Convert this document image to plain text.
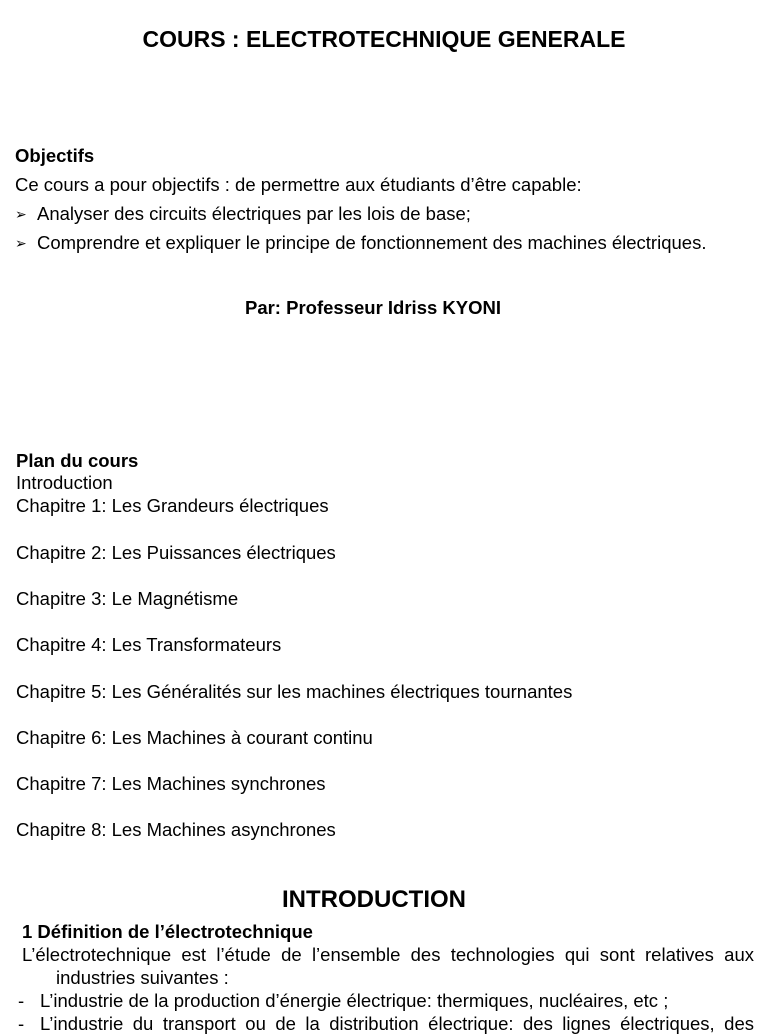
COURS : ELECTROTECHNIQUE GENERALE
Objectifs
Ce cours a pour objectifs : de permettre aux étudiants d’être capable:
➢ Analyser des circuits électriques par les lois de base;
➢ Comprendre et expliquer le principe de fonctionnement des machines électriques.
Par: Professeur Idriss KYONI
Plan du cours
Introduction
Chapitre 1: Les Grandeurs électriques
Chapitre 2: Les Puissances électriques
Chapitre 3: Le Magnétisme
Chapitre 4: Les Transformateurs
Chapitre 5: Les Généralités sur les machines électriques tournantes
Chapitre 6: Les Machines à courant continu
Chapitre 7: Les Machines synchrones
Chapitre 8: Les Machines asynchrones
INTRODUCTION
1 Définition de l’électrotechnique
L’électrotechnique est l’étude de l’ensemble des technologies qui sont relatives aux
industries suivantes :
- L’industrie de la production d’énergie électrique: thermiques, nucléaires, etc ;
- L’industrie du transport ou de la distribution électrique: des lignes électriques, des
